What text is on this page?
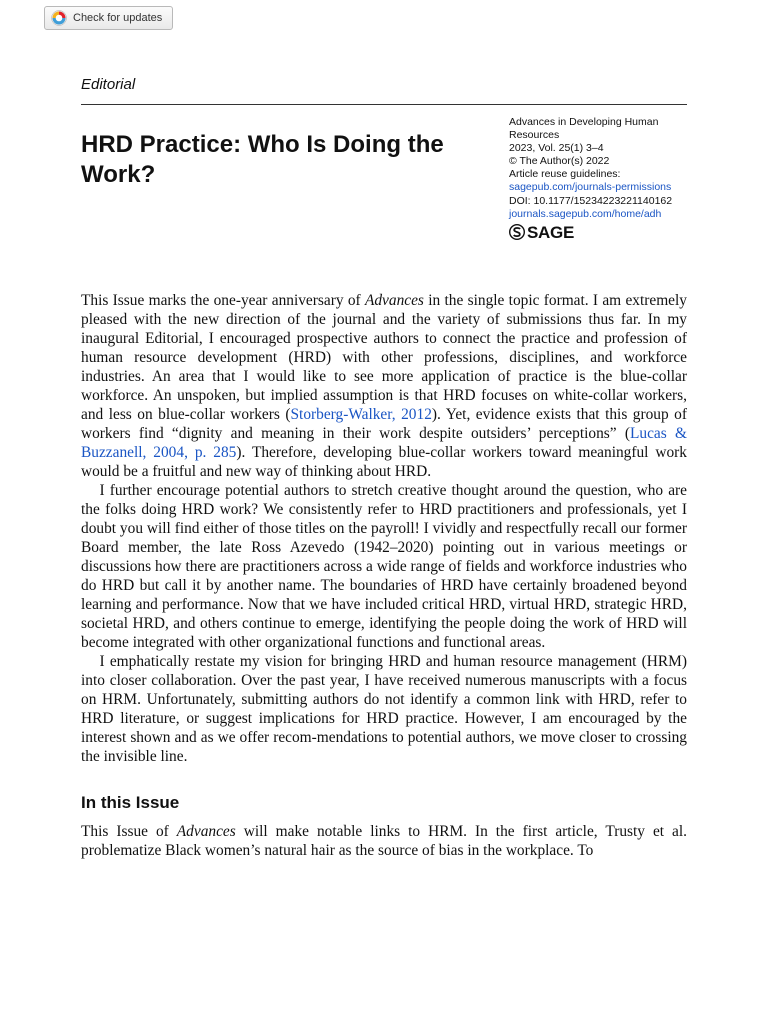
Check for updates
Editorial
HRD Practice: Who Is Doing the Work?
Advances in Developing Human
Resources
2023, Vol. 25(1) 3–4
© The Author(s) 2022
Article reuse guidelines:
sagepub.com/journals-permissions
DOI: 10.1177/15234223221140162
journals.sagepub.com/home/adh
SAGE

This Issue marks the one-year anniversary of Advances in the single topic format. I am extremely pleased with the new direction of the journal and the variety of submissions thus far. In my inaugural Editorial, I encouraged prospective authors to connect the practice and profession of human resource development (HRD) with other professions, disciplines, and workforce industries. An area that I would like to see more application of practice is the blue-collar workforce. An unspoken, but implied assumption is that HRD focuses on white-collar workers, and less on blue-collar workers (Storberg-Walker, 2012). Yet, evidence exists that this group of workers find “dignity and meaning in their work despite outsiders’ perceptions” (Lucas & Buzzanell, 2004, p. 285). Therefore, developing blue-collar workers toward meaningful work would be a fruitful and new way of thinking about HRD.

I further encourage potential authors to stretch creative thought around the question, who are the folks doing HRD work? We consistently refer to HRD practitioners and professionals, yet I doubt you will find either of those titles on the payroll! I vividly and respectfully recall our former Board member, the late Ross Azevedo (1942–2020) pointing out in various meetings or discussions how there are practitioners across a wide range of fields and workforce industries who do HRD but call it by another name. The boundaries of HRD have certainly broadened beyond learning and performance. Now that we have included critical HRD, virtual HRD, strategic HRD, societal HRD, and others continue to emerge, identifying the people doing the work of HRD will become integrated with other organizational functions and functional areas.

I emphatically restate my vision for bringing HRD and human resource management (HRM) into closer collaboration. Over the past year, I have received numerous manuscripts with a focus on HRM. Unfortunately, submitting authors do not identify a common link with HRD, refer to HRD literature, or suggest implications for HRD practice. However, I am encouraged by the interest shown and as we offer recom-mendations to potential authors, we move closer to crossing the invisible line.

In this Issue

This Issue of Advances will make notable links to HRM. In the first article, Trusty et al. problematize Black women’s natural hair as the source of bias in the workplace. To
